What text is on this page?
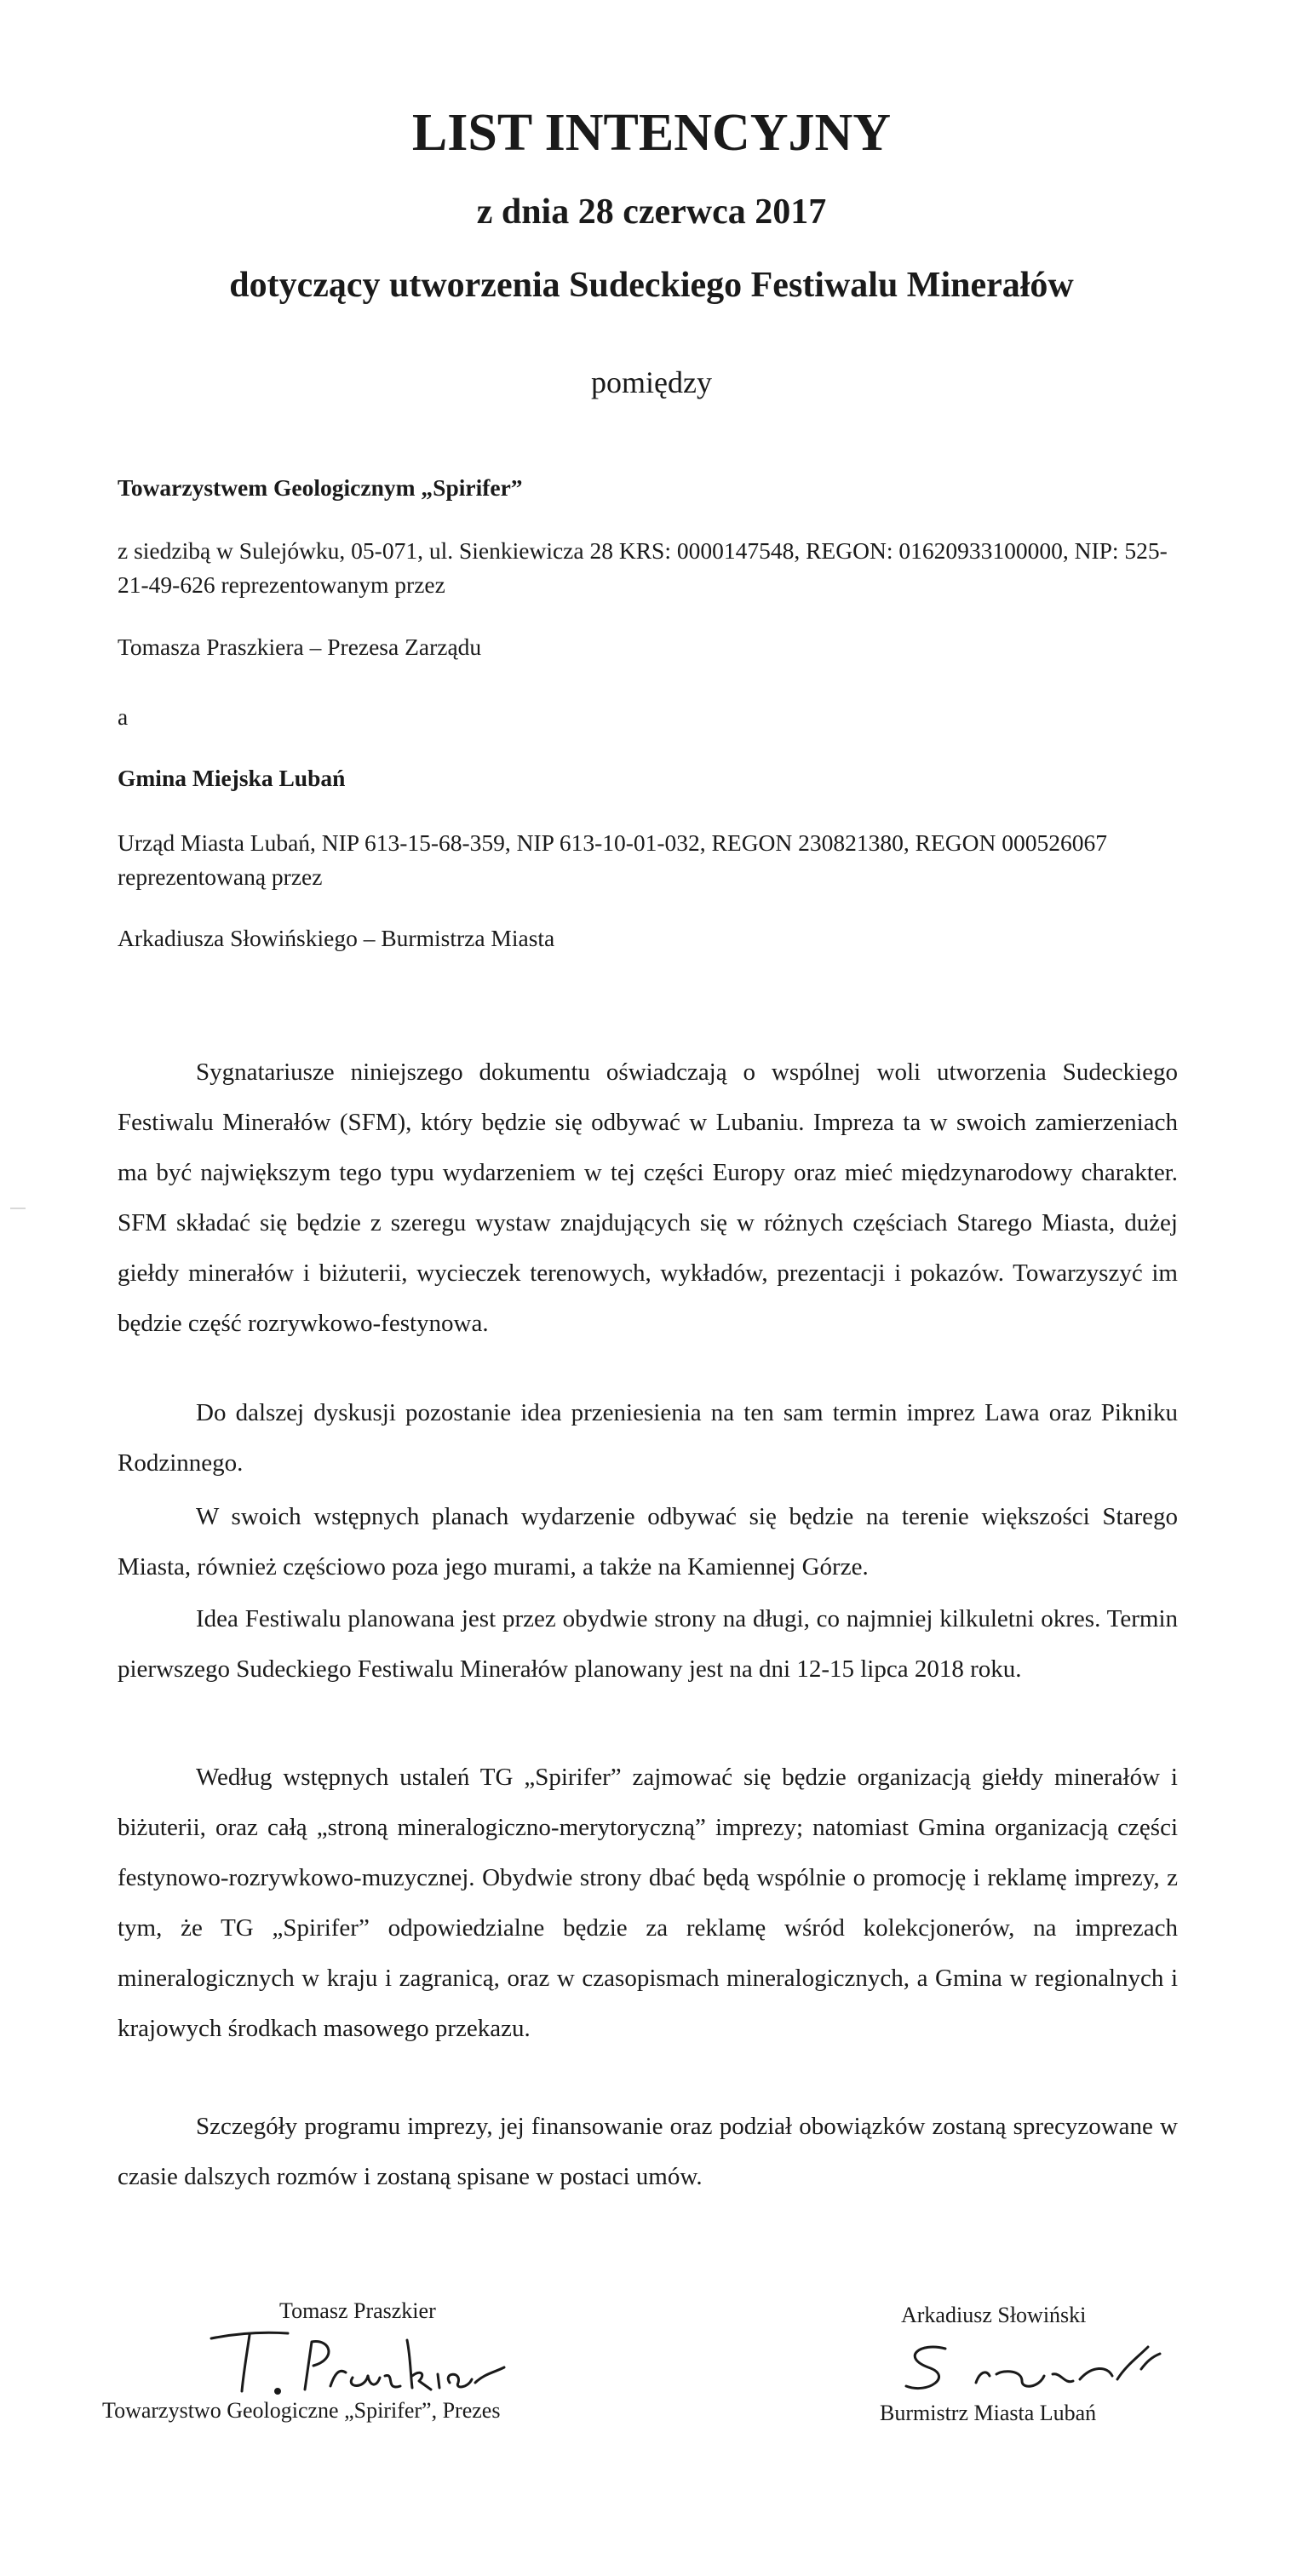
LIST INTENCYJNY
z dnia 28 czerwca 2017
dotyczący utworzenia Sudeckiego Festiwalu Minerałów

pomiędzy

Towarzystwem Geologicznym „Spirifer”

z siedzibą w Sulejówku, 05-071, ul. Sienkiewicza 28 KRS: 0000147548, REGON: 01620933100000, NIP: 525-21-49-626 reprezentowanym przez

Tomasza Praszkiera – Prezesa Zarządu

a

Gmina Miejska Lubań

Urząd Miasta Lubań, NIP 613-15-68-359, NIP 613-10-01-032, REGON 230821380, REGON 000526067 reprezentowaną przez

Arkadiusza Słowińskiego – Burmistrza Miasta

Sygnatariusze niniejszego dokumentu oświadczają o wspólnej woli utworzenia Sudeckiego Festiwalu Minerałów (SFM), który będzie się odbywać w Lubaniu. Impreza ta w swoich zamierzeniach ma być największym tego typu wydarzeniem w tej części Europy oraz mieć międzynarodowy charakter. SFM składać się będzie z szeregu wystaw znajdujących się w różnych częściach Starego Miasta, dużej giełdy minerałów i biżuterii, wycieczek terenowych, wykładów, prezentacji i pokazów. Towarzyszyć im będzie część rozrywkowo-festynowa.

Do dalszej dyskusji pozostanie idea przeniesienia na ten sam termin imprez Lawa oraz Pikniku Rodzinnego.

W swoich wstępnych planach wydarzenie odbywać się będzie na terenie większości Starego Miasta, również częściowo poza jego murami, a także na Kamiennej Górze.

Idea Festiwalu planowana jest przez obydwie strony na długi, co najmniej kilkuletni okres. Termin pierwszego Sudeckiego Festiwalu Minerałów planowany jest na dni 12-15 lipca 2018 roku.

Według wstępnych ustaleń TG „Spirifer” zajmować się będzie organizacją giełdy minerałów i biżuterii, oraz całą „stroną mineralogiczno-merytoryczną” imprezy; natomiast Gmina organizacją części festynowo-rozrywkowo-muzycznej. Obydwie strony dbać będą wspólnie o promocję i reklamę imprezy, z tym, że TG „Spirifer” odpowiedzialne będzie za reklamę wśród kolekcjonerów, na imprezach mineralogicznych w kraju i zagranicą, oraz w czasopismach mineralogicznych, a Gmina w regionalnych i krajowych środkach masowego przekazu.

Szczegóły programu imprezy, jej finansowanie oraz podział obowiązków zostaną sprecyzowane w czasie dalszych rozmów i zostaną spisane w postaci umów.

Tomasz Praszkier

Towarzystwo Geologiczne „Spirifer”, Prezes

Arkadiusz Słowiński

Burmistrz Miasta Lubań
